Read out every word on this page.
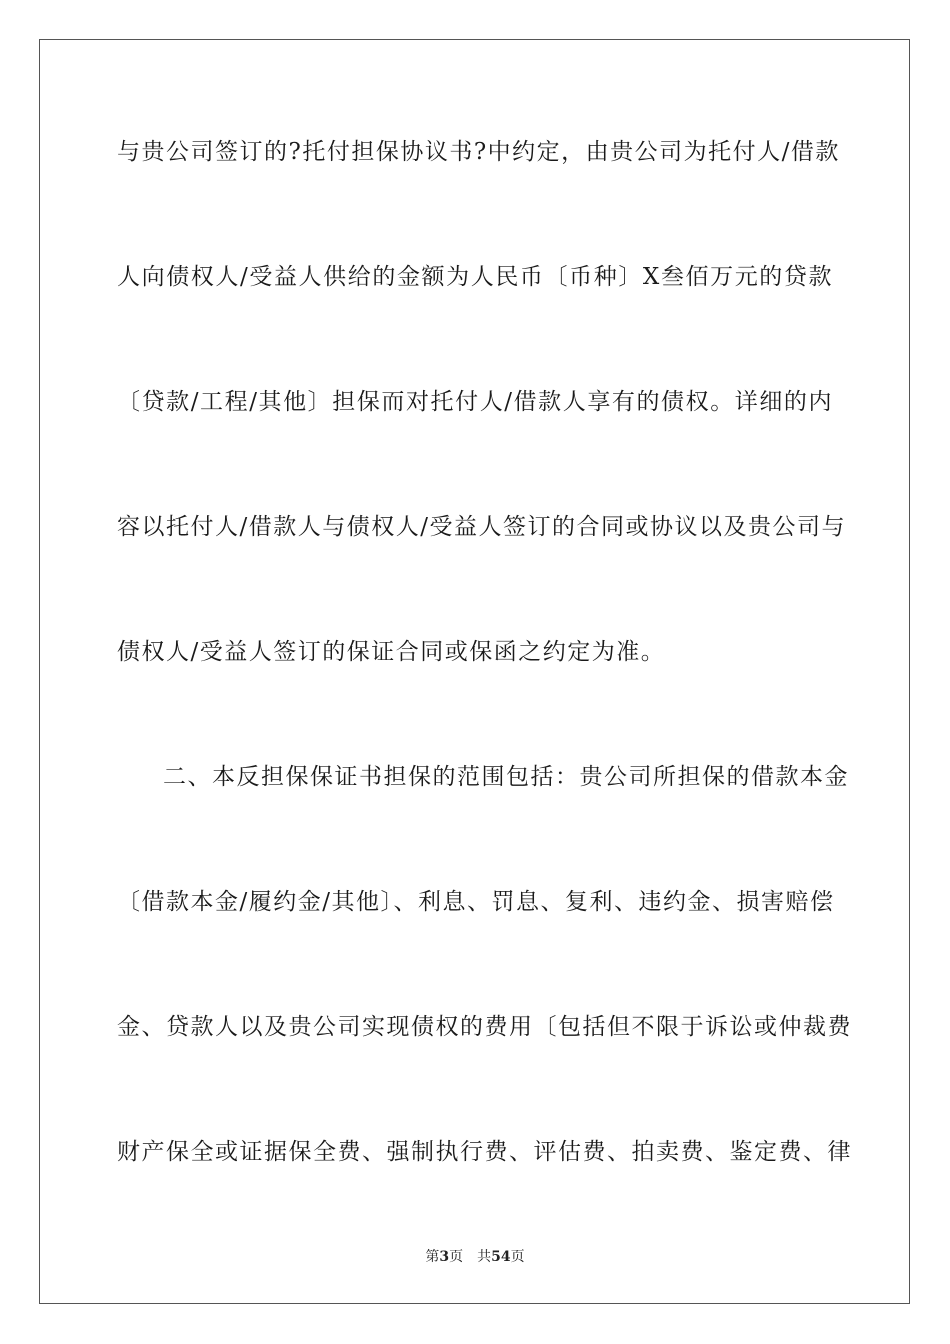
与贵公司签订的?托付担保协议书?中约定，由贵公司为托付人/借款
人向债权人/受益人供给的金额为人民币〔币种〕X叁佰万元的贷款
〔贷款/工程/其他〕担保而对托付人/借款人享有的债权。详细的内
容以托付人/借款人与债权人/受益人签订的合同或协议以及贵公司与
债权人/受益人签订的保证合同或保函之约定为准。
二、本反担保保证书担保的范围包括：贵公司所担保的借款本金
〔借款本金/履约金/其他〕、利息、罚息、复利、违约金、损害赔偿
金、贷款人以及贵公司实现债权的费用〔包括但不限于诉讼或仲裁费
财产保全或证据保全费、强制执行费、评估费、拍卖费、鉴定费、律
第3页 共54页
